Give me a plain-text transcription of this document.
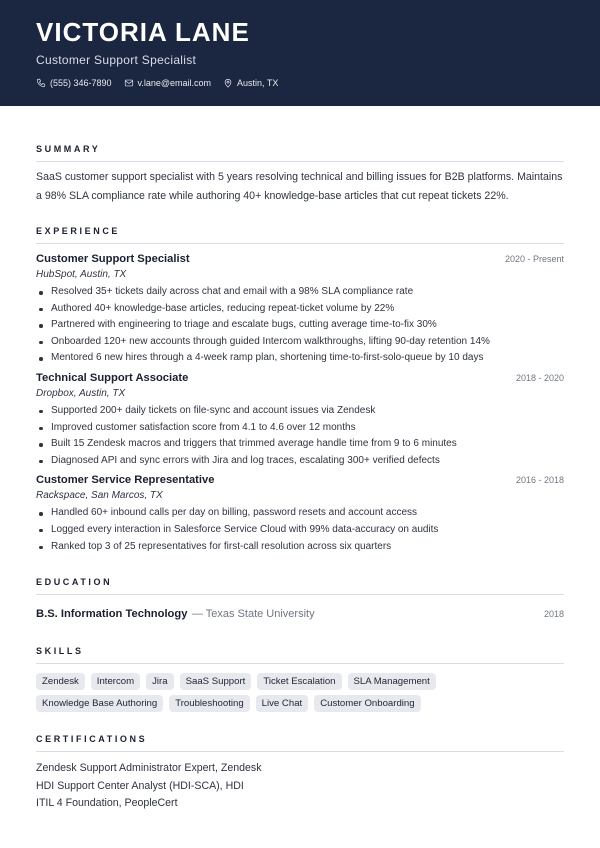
VICTORIA LANE
Customer Support Specialist
(555) 346-7890	v.lane@email.com	Austin, TX
SUMMARY

SaaS customer support specialist with 5 years resolving technical and billing issues for B2B platforms. Maintains a 98% SLA compliance rate while authoring 40+ knowledge-base articles that cut repeat tickets 22%.

EXPERIENCE
Customer Support Specialist	2020 - Present
HubSpot, Austin, TX
Resolved 35+ tickets daily across chat and email with a 98% SLA compliance rate
Authored 40+ knowledge-base articles, reducing repeat-ticket volume by 22%
Partnered with engineering to triage and escalate bugs, cutting average time-to-fix 30%
Onboarded 120+ new accounts through guided Intercom walkthroughs, lifting 90-day retention 14%
Mentored 6 new hires through a 4-week ramp plan, shortening time-to-first-solo-queue by 10 days
Technical Support Associate	2018 - 2020
Dropbox, Austin, TX
Supported 200+ daily tickets on file-sync and account issues via Zendesk
Improved customer satisfaction score from 4.1 to 4.6 over 12 months
Built 15 Zendesk macros and triggers that trimmed average handle time from 9 to 6 minutes
Diagnosed API and sync errors with Jira and log traces, escalating 300+ verified defects
Customer Service Representative	2016 - 2018
Rackspace, San Marcos, TX
Handled 60+ inbound calls per day on billing, password resets and account access
Logged every interaction in Salesforce Service Cloud with 99% data-accuracy on audits
Ranked top 3 of 25 representatives for first-call resolution across six quarters
EDUCATION
B.S. Information Technology — Texas State University	2018
SKILLS
Zendesk	Intercom	Jira	SaaS Support	Ticket Escalation	SLA Management
Knowledge Base Authoring	Troubleshooting	Live Chat	Customer Onboarding
CERTIFICATIONS
Zendesk Support Administrator Expert, Zendesk
HDI Support Center Analyst (HDI-SCA), HDI
ITIL 4 Foundation, PeopleCert
